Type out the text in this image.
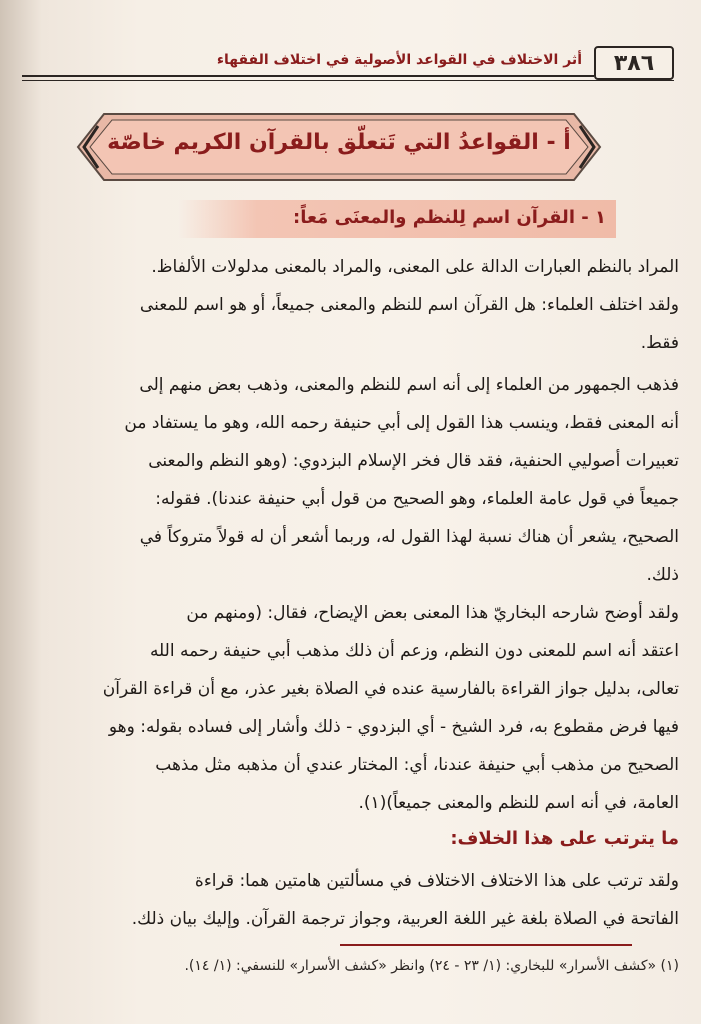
٣٨٦
أثر الاختلاف في القواعد الأصولية في اختلاف الفقهاء
أ - القواعدُ التي تَتعلّق بالقرآن الكريم خاصّة
١ - القرآن اسم لِلنظم والمعنَى مَعاً:
المراد بالنظم العبارات الدالة على المعنى، والمراد بالمعنى مدلولات الألفاظ.
ولقد اختلف العلماء: هل القرآن اسم للنظم والمعنى جميعاً، أو هو اسم للمعنى
فقط.
فذهب الجمهور من العلماء إلى أنه اسم للنظم والمعنى، وذهب بعض منهم إلى
أنه المعنى فقط، وينسب هذا القول إلى أبي حنيفة رحمه الله، وهو ما يستفاد من
تعبيرات أصوليي الحنفية، فقد قال فخر الإسلام البزدوي: (وهو النظم والمعنى
جميعاً في قول عامة العلماء، وهو الصحيح من قول أبي حنيفة عندنا). فقوله:
الصحيح، يشعر أن هناك نسبة لهذا القول له، وربما أشعر أن له قولاً متروكاً في
ذلك.
ولقد أوضح شارحه البخاريّ هذا المعنى بعض الإيضاح، فقال: (ومنهم من
اعتقد أنه اسم للمعنى دون النظم، وزعم أن ذلك مذهب أبي حنيفة رحمه الله
تعالى، بدليل جواز القراءة بالفارسية عنده في الصلاة بغير عذر، مع أن قراءة القرآن
فيها فرض مقطوع به، فرد الشيخ - أي البزدوي - ذلك وأشار إلى فساده بقوله: وهو
الصحيح من مذهب أبي حنيفة عندنا، أي: المختار عندي أن مذهبه مثل مذهب
العامة، في أنه اسم للنظم والمعنى جميعاً)(١).
ما يترتب على هذا الخلاف:
ولقد ترتب على هذا الاختلاف الاختلاف في مسألتين هامتين هما: قراءة
الفاتحة في الصلاة بلغة غير اللغة العربية، وجواز ترجمة القرآن. وإليك بيان ذلك.
(١) «كشف الأسرار» للبخاري: (١/ ٢٣ - ٢٤) وانظر «كشف الأسرار» للنسفي: (١/ ١٤).
